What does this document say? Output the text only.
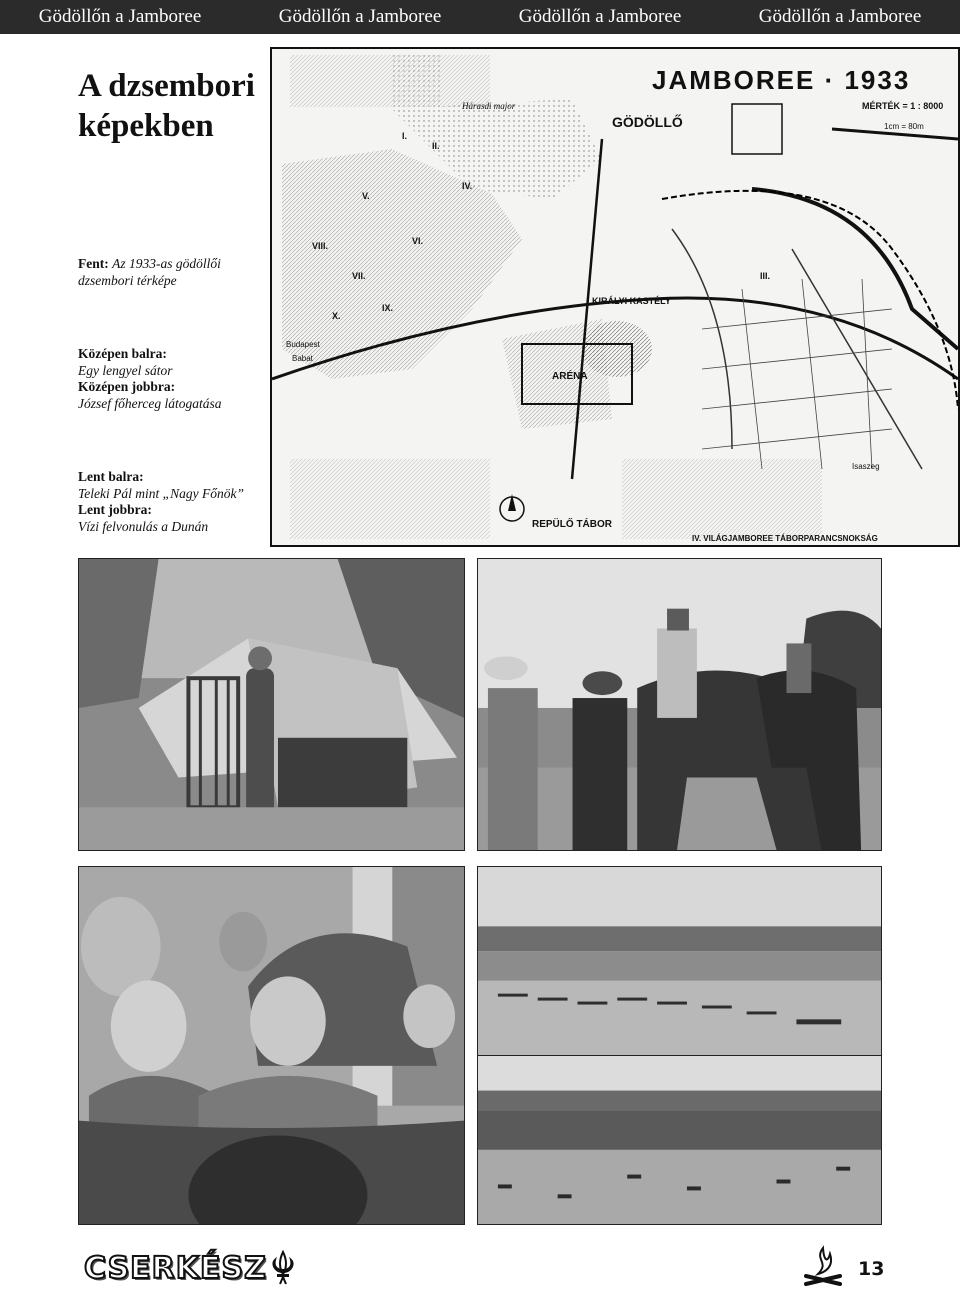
Gödöllőn a Jamboree	Gödöllőn a Jamboree	Gödöllőn a Jamboree	Gödöllőn a Jamboree
A dzsembori képekben
Fent: Az 1933-as gödöllői dzsembori térképe
Középen balra:
Egy lengyel sátor
Középen jobbra:
József főherceg látogatása
Lent balra:
Teleki Pál mint „Nagy Főnök”
Lent jobbra:
Vízi felvonulás a Dunán
JAMBOREE · 1933
GÖDÖLLŐ
MÉRTÉK = 1 : 8000
1cm = 80m
Hárasdi major
KIRÁLYI KASTÉLY
ARÉNA
REPÜLŐ TÁBOR
Babat
IV. VILÁGJAMBOREE TÁBORPARANCSNOKSÁG
Budapest
Isaszeg
I.
II.
III.
IV.
V.
VI.
VII.
VIII.
IX.
X.
CSERKÉSZ	13
